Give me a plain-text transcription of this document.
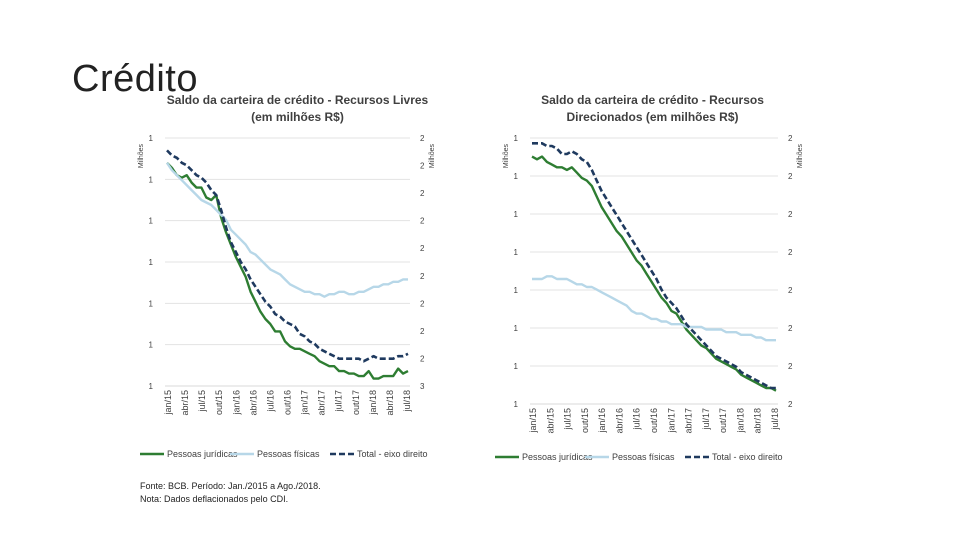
Crédito
Saldo da carteira de crédito - Recursos Livres
(em milhões R$)
Saldo da carteira de crédito - Recursos
Direcionados (em milhões R$)
1
1
1
1
1
1
1
3
2
2
2
2
2
2
2
2
2
Milhões	Milhões
jan/15 abr/15 jul/15 out/15 jan/16 abr/16 jul/16 out/16 jan/17 abr/17 jul/17 out/17 jan/18 abr/18 jul/18
Pessoas jurídicas Pessoas físicas	Total - eixo direito
1
1
1
1
1
1
1
1
2
2
2
2
2
2
2
2
Milhões	Milhões
jan/15 abr/15 jul/15 out/15 jan/16 abr/16 jul/16 out/16 jan/17 abr/17 jul/17 out/17 jan/18 abr/18 jul/18
Pessoas jurídicas Pessoas físicas	Total - eixo direito
Fonte: BCB. Período: Jan./2015 a Ago./2018.
Nota: Dados deflacionados pelo CDI.
